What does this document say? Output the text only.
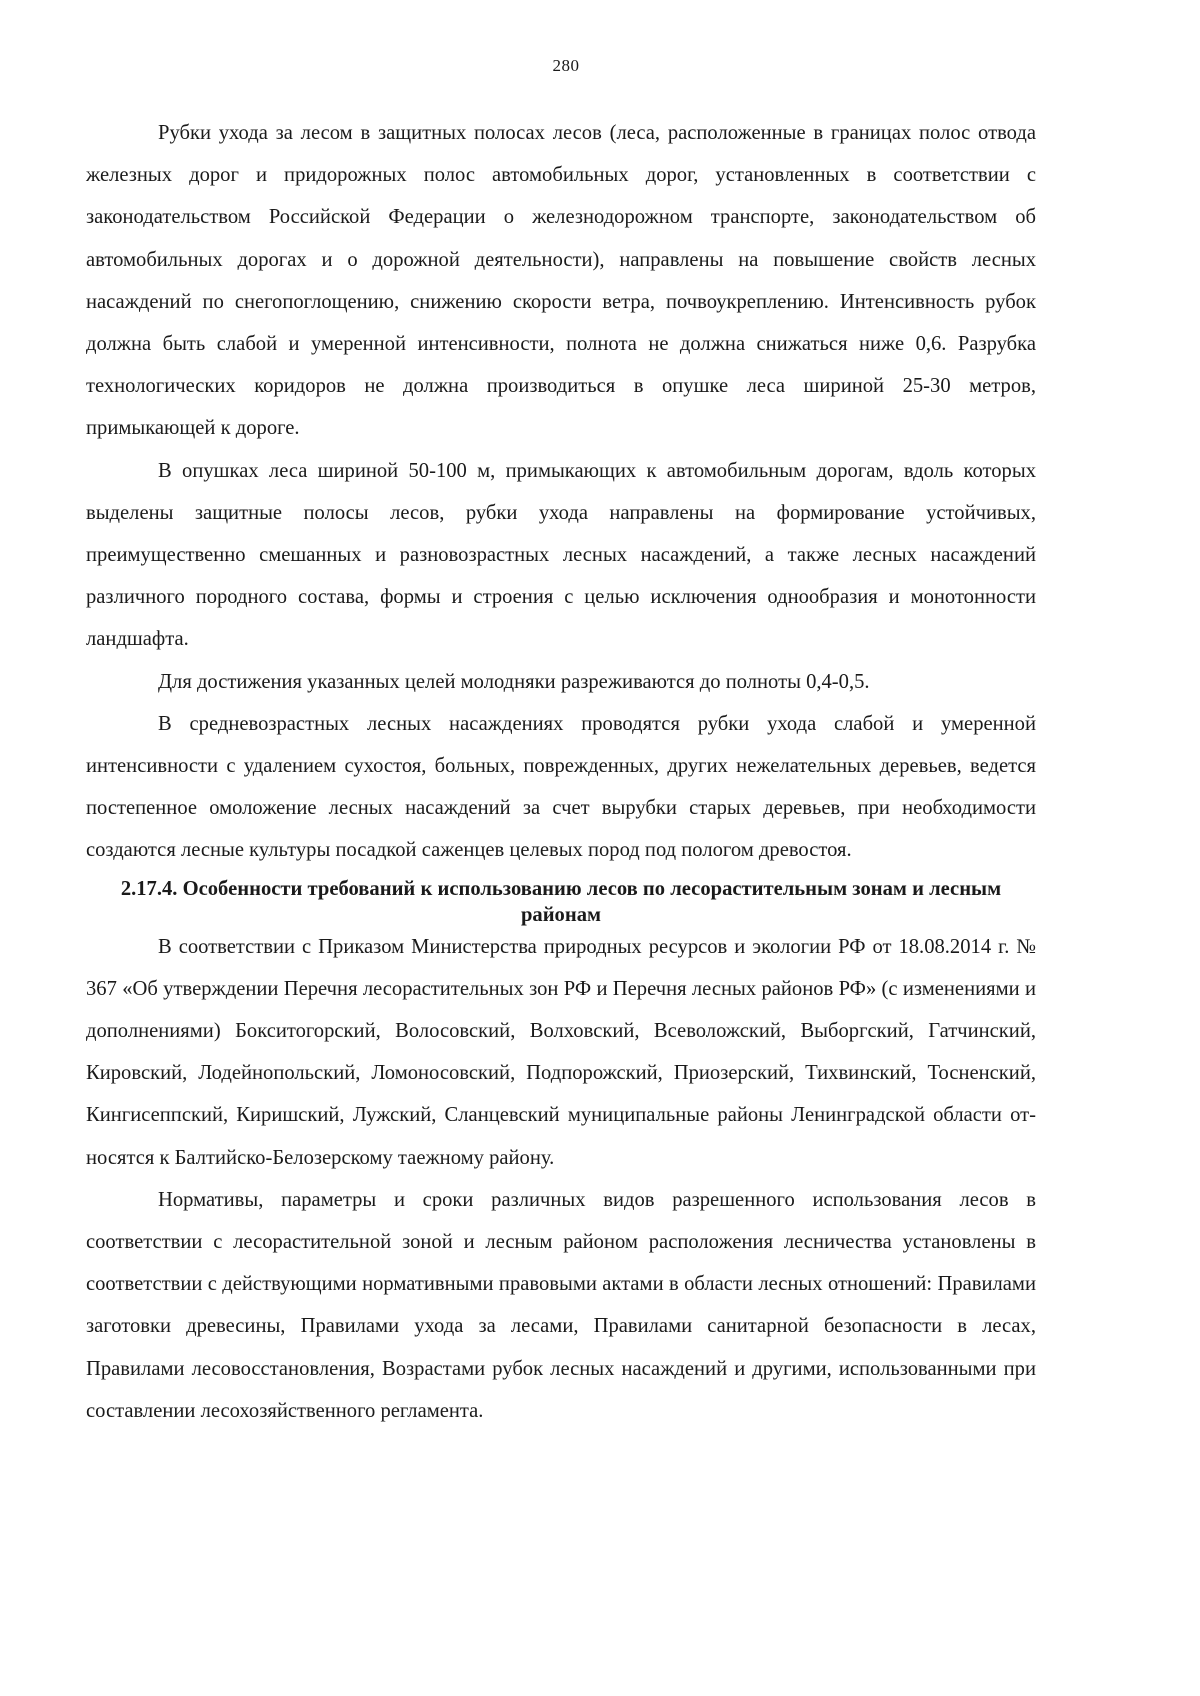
280

Рубки ухода за лесом в защитных полосах лесов (леса, расположенные в границах полос отвода железных дорог и придорожных полос автомобильных дорог, установленных в соответствии с законодательством Российской Федерации о железнодорожном транспорте, законодательством об автомобильных дорогах и о дорожной деятельности), направлены на повышение свойств лесных насаждений по снегопоглощению, снижению скорости ветра, почвоукреплению. Интенсивность рубок должна быть слабой и умеренной интенсивности, полнота не должна снижаться ниже 0,6. Разрубка технологических коридоров не должна производиться в опушке леса шириной 25-30 метров, примыкающей к дороге.

В опушках леса шириной 50-100 м, примыкающих к автомобильным дорогам, вдоль которых выделены защитные полосы лесов, рубки ухода направлены на формирование устойчивых, преимущественно смешанных и разновозрастных лесных насаждений, а также лесных насаждений различного породного состава, формы и строения с целью исключения однообразия и монотонности ландшафта.

Для достижения указанных целей молодняки разреживаются до полноты 0,4-0,5.

В средневозрастных лесных насаждениях проводятся рубки ухода слабой и умеренной интенсивности с удалением сухостоя, больных, поврежденных, других нежелательных деревьев, ведется постепенное омоложение лесных насаждений за счет вырубки старых деревьев, при необходимости создаются лесные культуры посадкой саженцев целевых пород под пологом древостоя.

2.17.4. Особенности требований к использованию лесов по лесорастительным зонам и лесным районам

В соответствии с Приказом Министерства природных ресурсов и экологии РФ от 18.08.2014 г. № 367 «Об утверждении Перечня лесорастительных зон РФ и Перечня лесных районов РФ» (с изменениями и дополнениями) Бокситогорский, Волосовский, Волховский, Всеволожский, Выборгский, Гатчинский, Кировский, Лодейнопольский, Ломоносовский, Подпорожский, Приозерский, Тихвинский, Тосненский, Кингисеппский, Киришский, Лужский, Сланцевский муниципальные районы Ленинградской области относятся к Балтийско-Белозерскому таежному району.

Нормативы, параметры и сроки различных видов разрешенного использования лесов в соответствии с лесорастительной зоной и лесным районом расположения лесничества установлены в соответствии с действующими нормативными правовыми актами в области лесных отношений: Правилами заготовки древесины, Правилами ухода за лесами, Правилами санитарной безопасности в лесах, Правилами лесовосстановления, Возрастами рубок лесных насаждений и другими, использованными при составлении лесохозяйственного регламента.
